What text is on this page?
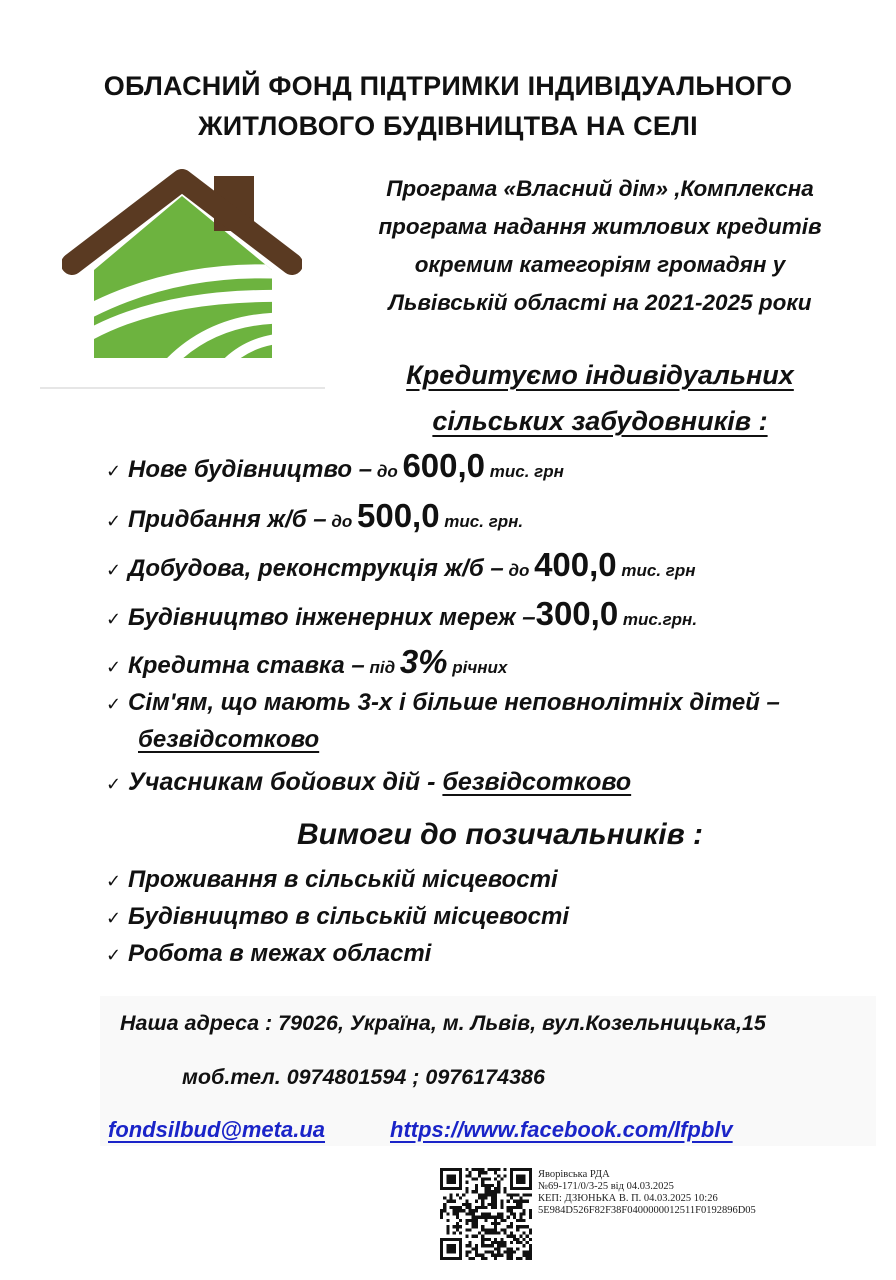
ОБЛАСНИЙ ФОНД ПІДТРИМКИ ІНДИВІДУАЛЬНОГО
ЖИТЛОВОГО БУДІВНИЦТВА НА СЕЛІ
Програма «Власний дім» ,Комплексна
програма надання житлових кредитів
окремим категоріям громадян у
Львівській області на 2021-2025 роки
Кредитуємо індивідуальних
сільських забудовників :
✓ Нове будівництво – до 600,0 тис. грн
✓ Придбання ж/б – до 500,0 тис. грн.
✓ Добудова, реконструкція ж/б – до 400,0 тис. грн
✓ Будівництво інженерних мереж –300,0 тис.грн.
✓ Кредитна ставка – під 3% річних
✓ Сім'ям, що мають 3-х і більше неповнолітніх дітей –
безвідсотково
✓ Учасникам бойових дій - безвідсотково
Вимоги до позичальників :
✓ Проживання в сільській місцевості
✓ Будівництво в сільській місцевості
✓ Робота в межах області
Наша адреса : 79026, Україна, м. Львів, вул.Козельницька,15
моб.тел. 0974801594 ; 0976174386
fondsilbud@meta.ua	https://www.facebook.com/lfpblv
Яворівська РДА
№69-171/0/3-25 від 04.03.2025
КЕП: ДЗЮНЬКА В. П. 04.03.2025 10:26
5E984D526F82F38F0400000012511F0192896D05
